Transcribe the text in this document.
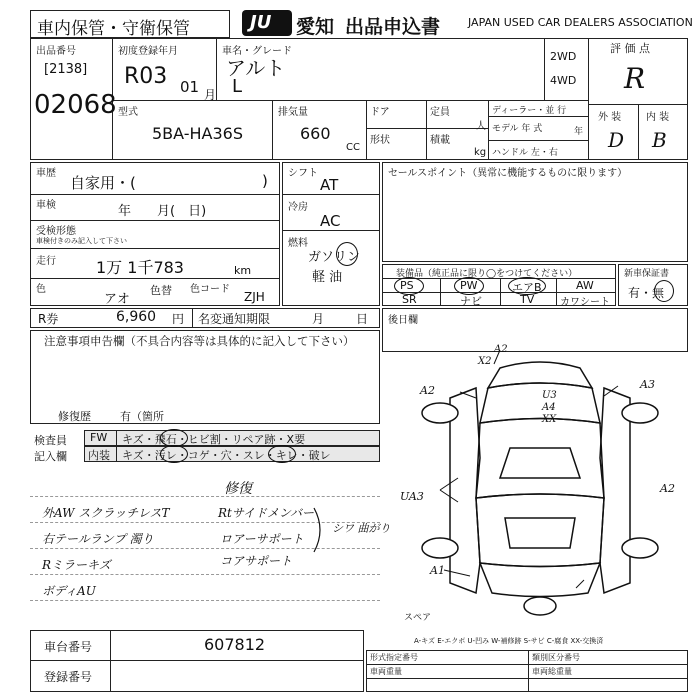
車内保管・守衛保管	JU 愛知 出品申込書	JAPAN USED CAR DEALERS ASSOCIATION
出品番号
[2138]
02068
初度登録年月
R03 01 月
車名・グレード
アルト
L
2WD
4WD
型式
5BA-HA36S
排気量
660
CC
ドア
形状
定員
人
積載
kg
ディーラー・並 行
モデル 年 式	年
ハンドル 左・右
評 価 点
R
外 装 内 装
D B
車歴
自家用・(	)
車検	年　　月(　日)
受検形態
車検付きのみ記入して下さい
走行	1万 1千783	km
色
アオ
色替 色コード
ZJH
シフト
AT
冷房
AC
燃料
ガソリン
軽 油
セールスポイント（異常に機能するものに限ります）
装備品（純正品に限り◯をつけてください）
PS	PW	エアB	AW
SR	ナビ	TV	カワシート
新車保証書
有・無
R券	6,960 円 名変通知期限	月	日 後日欄
注意事項申告欄（不具合内容等は具体的に記入して下さい）
修復歴	有（箇所
検査員
記入欄
FW キズ・飛石・ヒビ割・リペア跡・X要
内装 キズ・汚レ・コゲ・穴・スレ・キレ・破レ
修復
外AW スクラッチレスT
右テールランプ 濁り
Rミラーキズ
ボディAU
Rtサイドメンバー
ロアーサポート
コアサポート
シワ 曲がり
A2
X2
A2	A3
U3
A4
XX
UA3
A2
A1
スペア
A-キズ E-エクボ U-凹み W-補修跡 S-サビ C-腐食 XX-交換済
車台番号	607812
登録番号
形式指定番号	類別区分番号
車両重量	車両総重量
